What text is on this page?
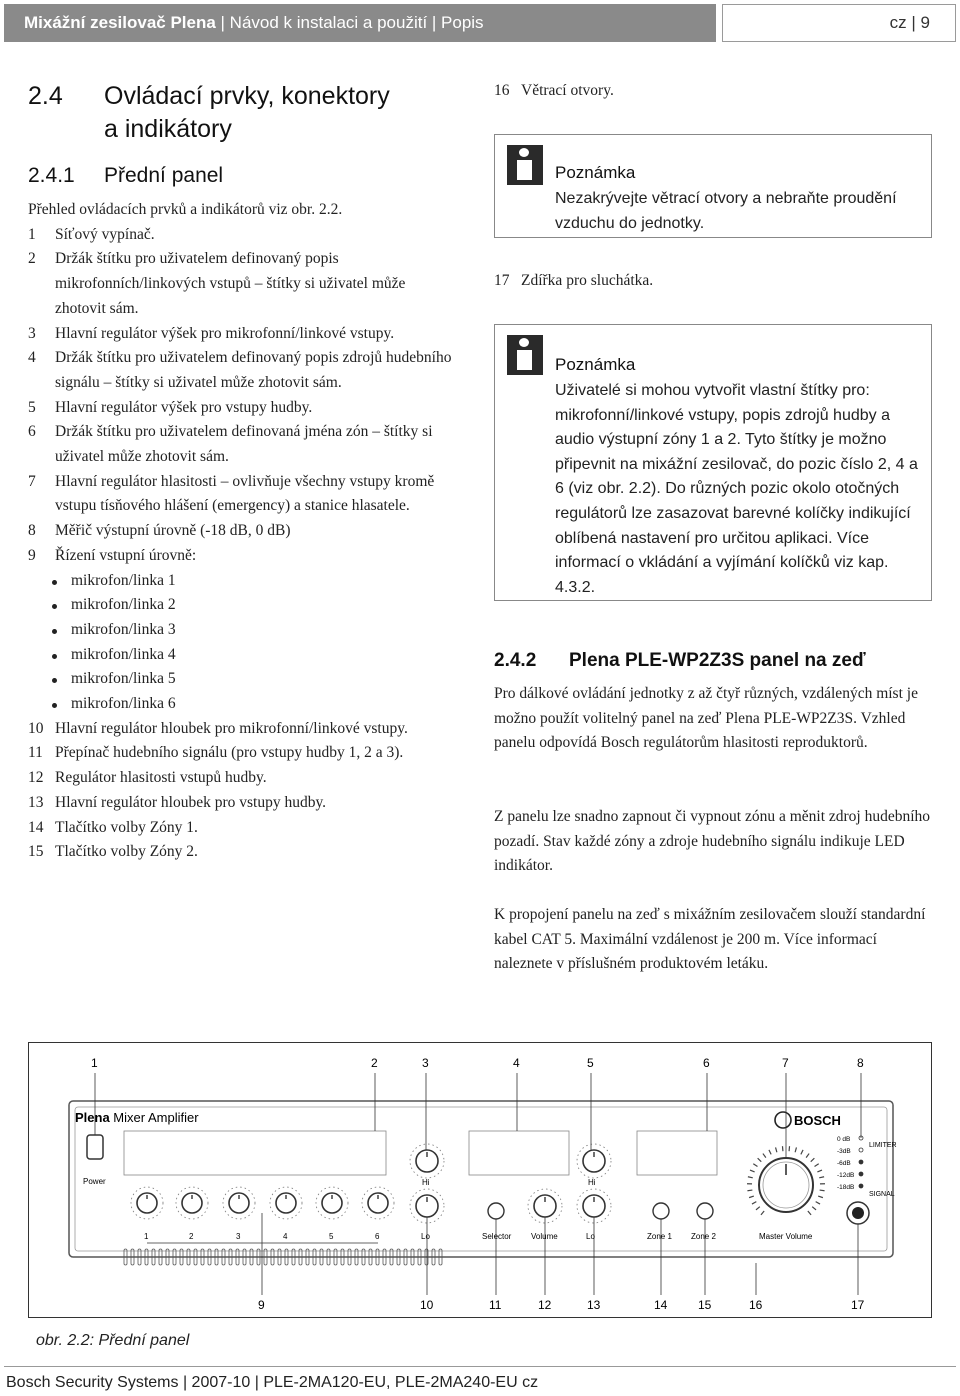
Mixážní zesilovač Plena | Návod k instalaci a použití | Popis	cz | 9
2.4	Ovládací prvky, konektory
a indikátory
2.4.1 Přední panel
Přehled ovládacích prvků a indikátorů viz obr. 2.2.
1	Síťový vypínač.
2	Držák štítku pro uživatelem definovaný popis mikrofonních/linkových vstupů – štítky si uživatel může zhotovit sám.
3	Hlavní regulátor výšek pro mikrofonní/linkové vstupy.
4	Držák štítku pro uživatelem definovaný popis zdrojů hudebního signálu – štítky si uživatel může zhotovit sám.
5	Hlavní regulátor výšek pro vstupy hudby.
6	Držák štítku pro uživatelem definovaná jména zón – štítky si uživatel může zhotovit sám.
7	Hlavní regulátor hlasitosti – ovlivňuje všechny vstupy kromě vstupu tísňového hlášení (emergency) a stanice hlasatele.
8	Měřič výstupní úrovně (-18 dB, 0 dB)
9	Řízení vstupní úrovně:
mikrofon/linka 1
mikrofon/linka 2
mikrofon/linka 3
mikrofon/linka 4
mikrofon/linka 5
mikrofon/linka 6
10 Hlavní regulátor hloubek pro mikrofonní/linkové vstupy.
11 Přepínač hudebního signálu (pro vstupy hudby 1, 2 a 3).
12 Regulátor hlasitosti vstupů hudby.
13 Hlavní regulátor hloubek pro vstupy hudby.
14 Tlačítko volby Zóny 1.
15 Tlačítko volby Zóny 2.
16 Větrací otvory.
Poznámka
Nezakrývejte větrací otvory a nebraňte proudění vzduchu do jednotky.
17 Zdířka pro sluchátka.
Poznámka
Uživatelé si mohou vytvořit vlastní štítky pro: mikrofonní/linkové vstupy, popis zdrojů hudby a audio výstupní zóny 1 a 2. Tyto štítky je možno připevnit na mixážní zesilovač, do pozic číslo 2, 4 a 6 (viz obr. 2.2). Do různých pozic okolo otočných regulátorů lze zasazovat barevné kolíčky indikující oblíbená nastavení pro určitou aplikaci. Více informací o vkládání a vyjímání kolíčků viz kap. 4.3.2.
2.4.2 Plena PLE-WP2Z3S panel na zeď
Pro dálkové ovládání jednotky z až čtyř různých, vzdálených míst je možno použít volitelný panel na zeď Plena PLE-WP2Z3S. Vzhled panelu odpovídá Bosch regulátorům hlasitosti reproduktorů.
Z panelu lze snadno zapnout či vypnout zónu a měnit zdroj hudebního pozadí. Stav každé zóny a zdroje hudebního signálu indikuje LED indikátor.
K propojení panelu na zeď s mixážním zesilovačem slouží standardní kabel CAT 5. Maximální vzdálenost je 200 m. Více informací naleznete v příslušném produktovém letáku.
1	2	3	4	5	6	7	8
9	10	11	12	13	14	15	16	17
Plena Mixer Amplifier	BOSCH
Power	Hi	Hi
1	2	3	4	5	6	Lo	Selector Volume	Lo	Zone 1 Zone 2	Master Volume
0 dB
-3dB
-6dB
-12dB
-18dB
LIMITER
SIGNAL
obr. 2.2: Přední panel
Bosch Security Systems | 2007-10 | PLE-2MA120-EU, PLE-2MA240-EU cz
